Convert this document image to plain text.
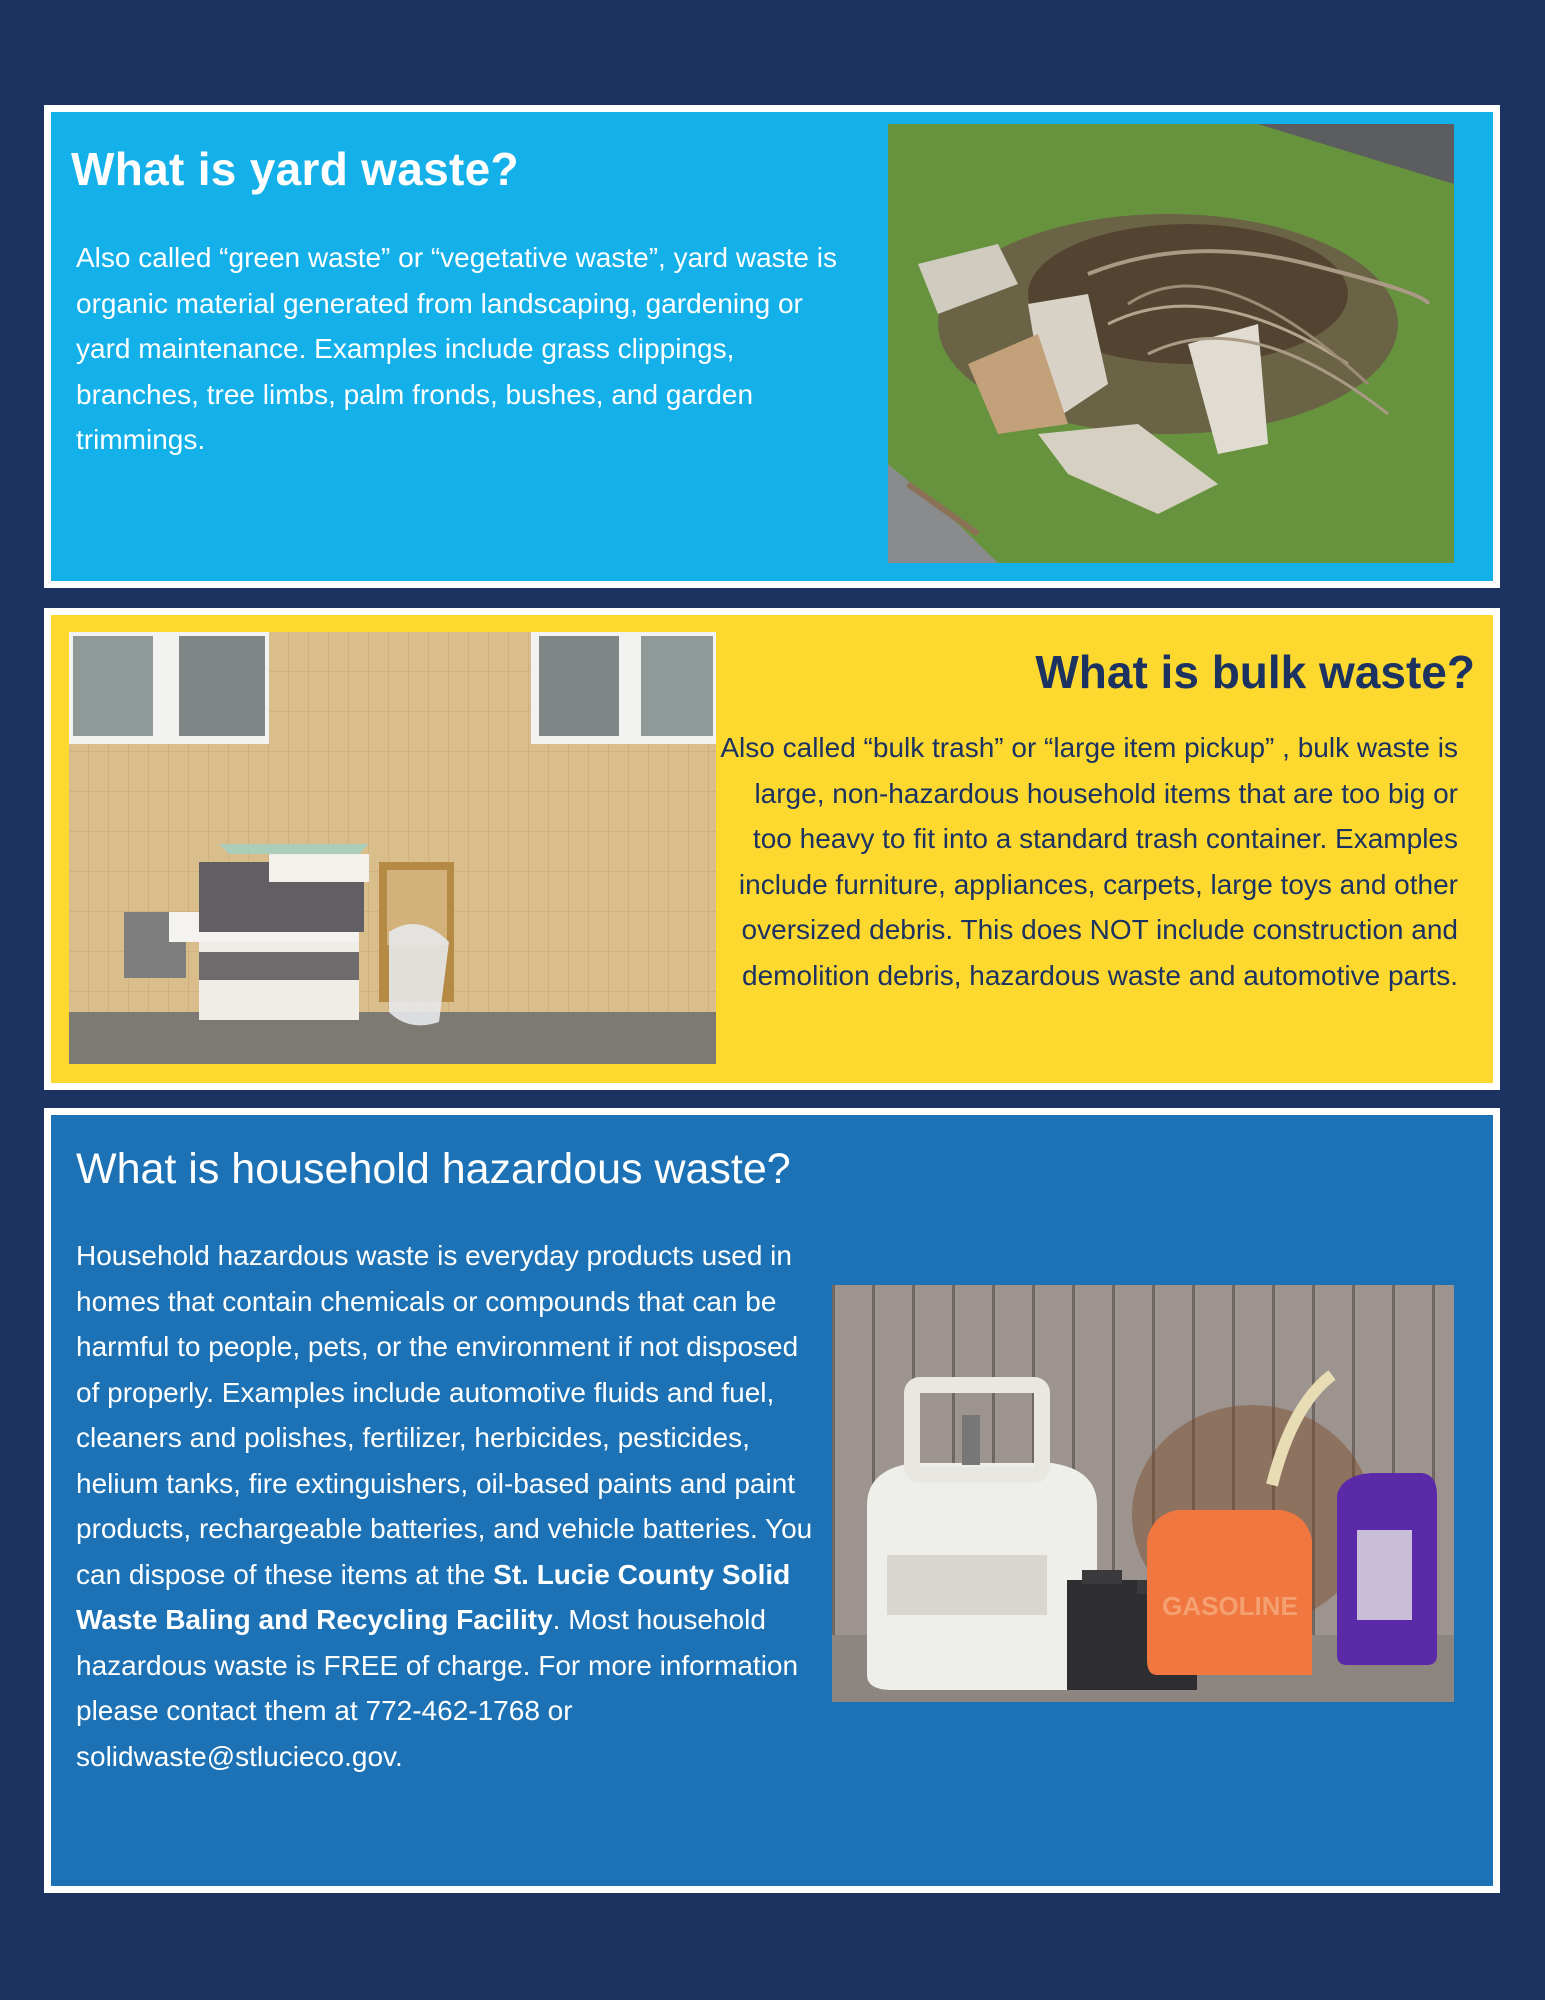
What is yard waste?

Also called “green waste” or “vegetative waste”, yard waste is organic material generated from landscaping, gardening or yard maintenance. Examples include grass clippings, branches, tree limbs, palm fronds, bushes, and garden trimmings.

What is bulk waste?

Also called “bulk trash” or “large item pickup” , bulk waste is large, non-hazardous household items that are too big or too heavy to fit into a standard trash container. Examples include furniture, appliances, carpets, large toys and other oversized debris. This does NOT include construction and demolition debris, hazardous waste and automotive parts.

What is household hazardous waste?

Household hazardous waste is everyday products used in homes that contain chemicals or compounds that can be harmful to people, pets, or the environment if not disposed of properly. Examples include automotive fluids and fuel, cleaners and polishes, fertilizer, herbicides, pesticides, helium tanks, fire extinguishers, oil-based paints and paint products, rechargeable batteries, and vehicle batteries. You can dispose of these items at the St. Lucie County Solid Waste Baling and Recycling Facility. Most household hazardous waste is FREE of charge. For more information please contact them at 772-462-1768 or solidwaste@stlucieco.gov.

GASOLINE
